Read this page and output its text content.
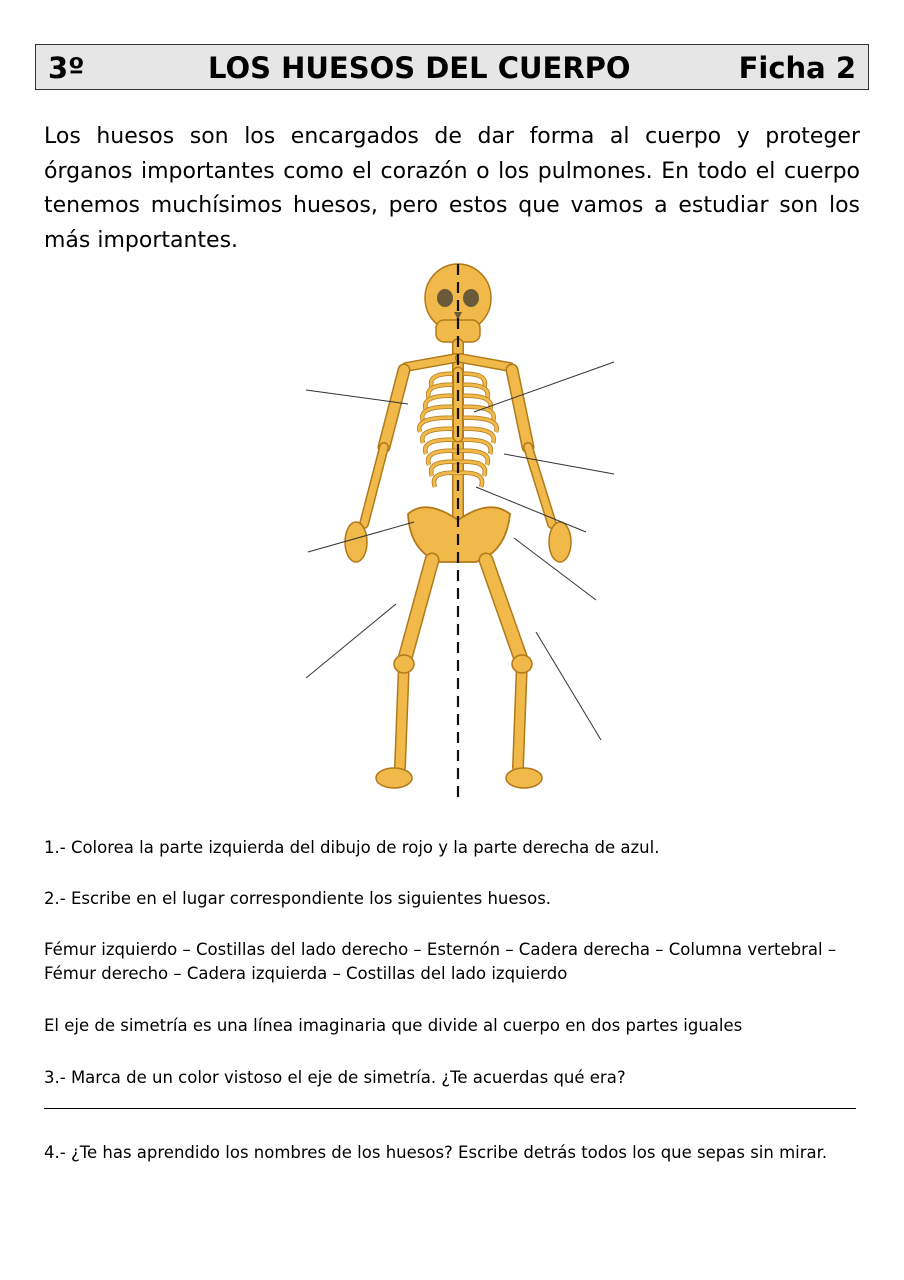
3º	LOS HUESOS DEL CUERPO	Ficha 2

Los huesos son los encargados de dar forma al cuerpo y proteger órganos importantes como el corazón o los pulmones. En todo el cuerpo tenemos muchísimos huesos, pero estos que vamos a estudiar son los más importantes.

1.- Colorea la parte izquierda del dibujo de rojo y la parte derecha de azul.

2.- Escribe en el lugar correspondiente los siguientes huesos.

Fémur izquierdo – Costillas del lado derecho – Esternón – Cadera derecha – Columna vertebral –

Fémur derecho – Cadera izquierda – Costillas del lado izquierdo

El eje de simetría es una línea imaginaria que divide al cuerpo en dos partes iguales

3.- Marca de un color vistoso el eje de simetría. ¿Te acuerdas qué era?

4.- ¿Te has aprendido los nombres de los huesos? Escribe detrás todos los que sepas sin mirar.
